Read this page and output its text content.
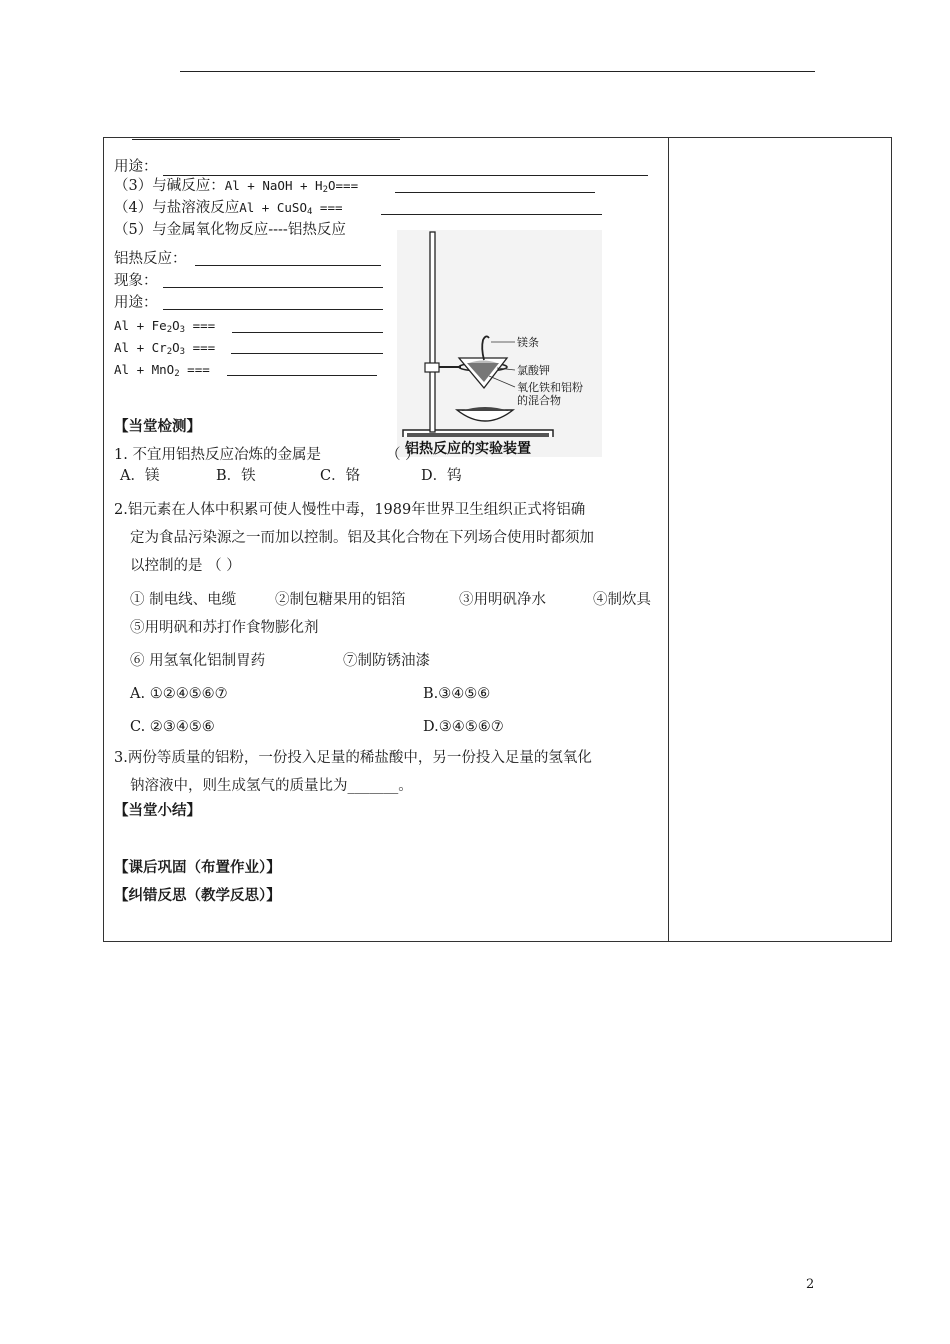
用途：
（3）与碱反应：Al + NaOH + $H_2O===$
（4）与盐溶液反应Al + CuSO$_4$ ===
（5）与金属氧化物反应----铝热反应
铝热反应：
现象：
用途：
$Al + Fe_2O_3$ ===
$Al + Cr_2O_3$ ===
Al + MnO$_2$ ===
镁条
氯酸钾
氧化铁和铝粉
的混合物
铝热反应的实验装置
【当堂检测】
1. 不宜用铝热反应冶炼的金属是	（ ）
A．镁	B．铁	C．铬	D．钨
2.铝元素在人体中积累可使人慢性中毒，1989年世界卫生组织正式将铝确
定为食品污染源之一而加以控制。铝及其化合物在下列场合使用时都须加
以控制的是 （ ）
① 制电线、电缆	②制包糖果用的铝箔	③用明矾净水	④制炊具
⑤用明矾和苏打作食物膨化剂
⑥ 用氢氧化铝制胃药	⑦制防锈油漆
A. ①②④⑤⑥⑦	B.③④⑤⑥
C. ②③④⑤⑥	D.③④⑤⑥⑦
3.两份等质量的铝粉，一份投入足量的稀盐酸中，另一份投入足量的氢氧化
钠溶液中，则生成氢气的质量比为_______。
【当堂小结】
【课后巩固（布置作业）】
【纠错反思（教学反思）】
2
